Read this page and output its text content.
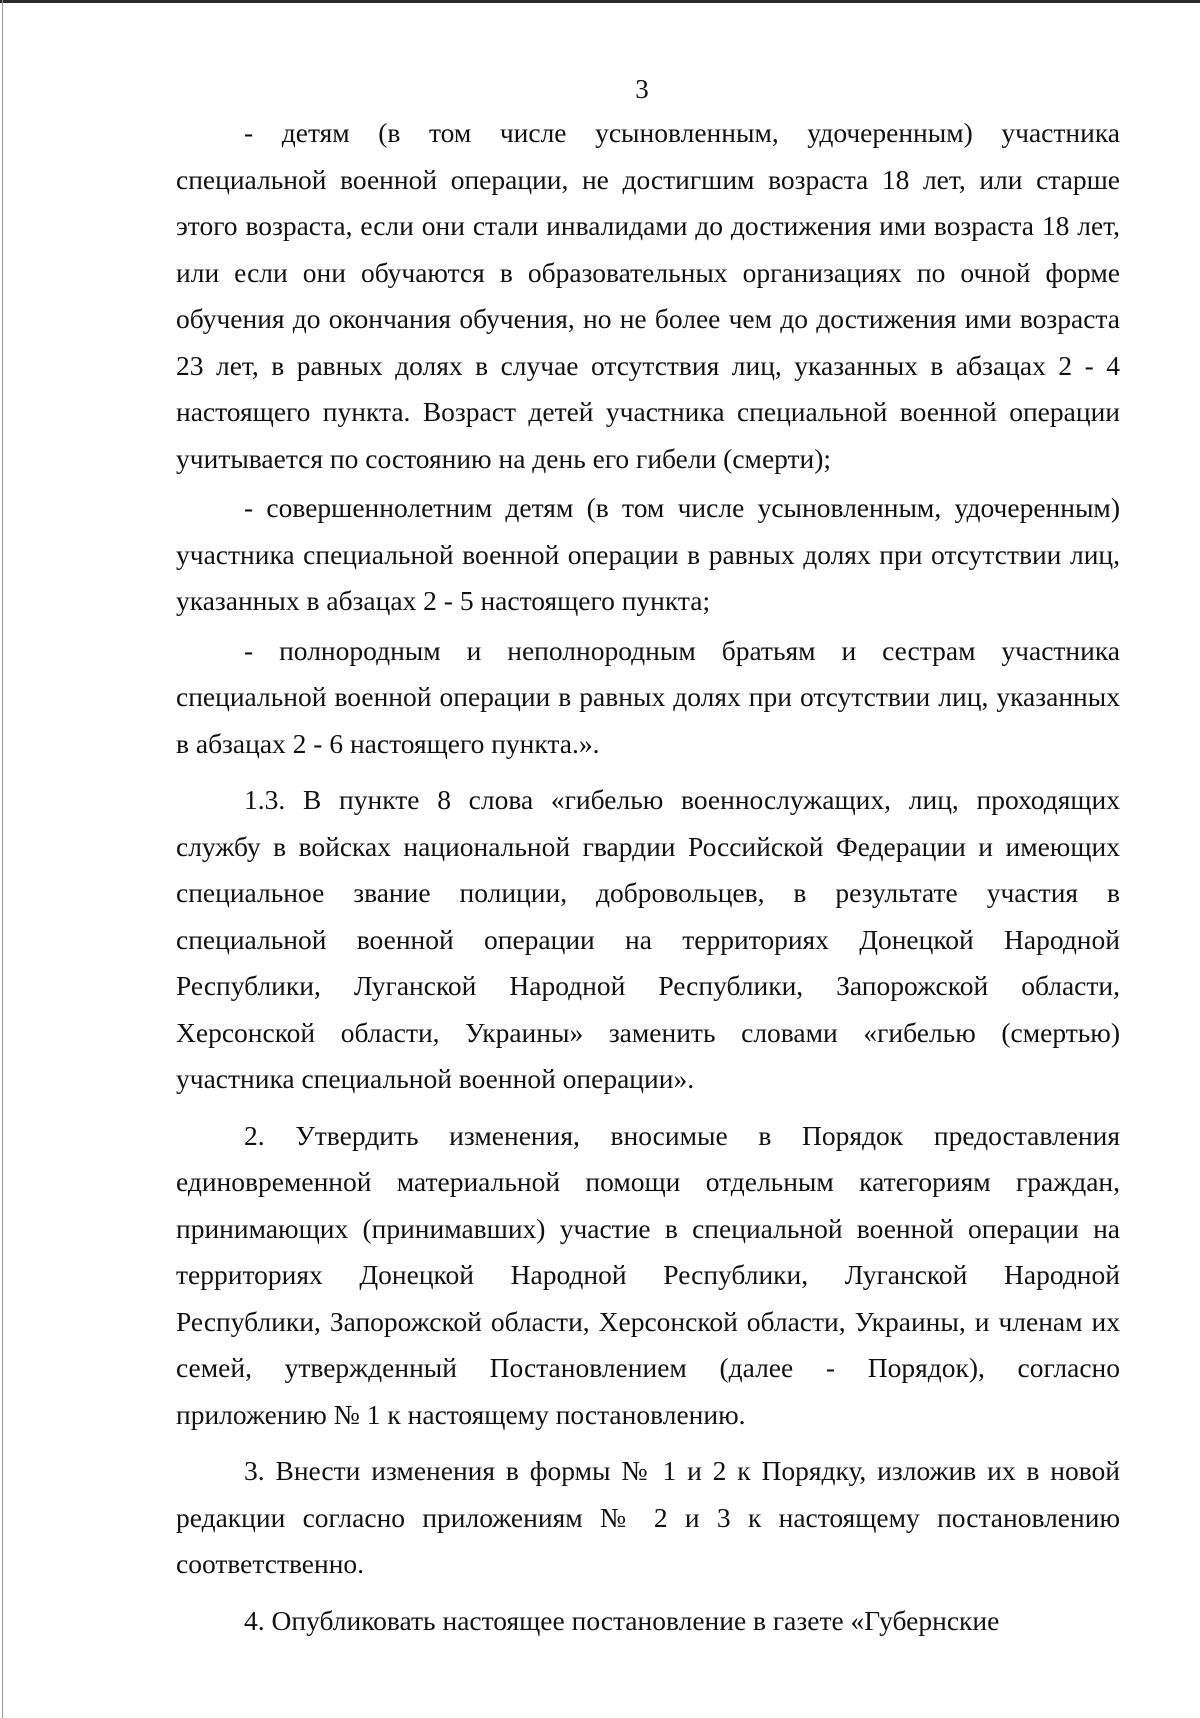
3

- детям (в том числе усыновленным, удочеренным) участника специальной военной операции, не достигшим возраста 18 лет, или старше этого возраста, если они стали инвалидами до достижения ими возраста 18 лет, или если они обучаются в образовательных организациях по очной форме обучения до окончания обучения, но не более чем до достижения ими возраста 23 лет, в равных долях в случае отсутствия лиц, указанных в абзацах 2 - 4 настоящего пункта. Возраст детей участника специальной военной операции учитывается по состоянию на день его гибели (смерти);

- совершеннолетним детям (в том числе усыновленным, удочеренным) участника специальной военной операции в равных долях при отсутствии лиц, указанных в абзацах 2 - 5 настоящего пункта;

- полнородным и неполнородным братьям и сестрам участника специальной военной операции в равных долях при отсутствии лиц, указанных в абзацах 2 - 6 настоящего пункта.».

1.3. В пункте 8 слова «гибелью военнослужащих, лиц, проходящих службу в войсках национальной гвардии Российской Федерации и имеющих специальное звание полиции, добровольцев, в результате участия в специальной военной операции на территориях Донецкой Народной Республики, Луганской Народной Республики, Запорожской области, Херсонской области, Украины» заменить словами «гибелью (смертью) участника специальной военной операции».

2. Утвердить изменения, вносимые в Порядок предоставления единовременной материальной помощи отдельным категориям граждан, принимающих (принимавших) участие в специальной военной операции на территориях Донецкой Народной Республики, Луганской Народной Республики, Запорожской области, Херсонской области, Украины, и членам их семей, утвержденный Постановлением (далее - Порядок), согласно приложению № 1 к настоящему постановлению.

3. Внести изменения в формы № 1 и 2 к Порядку, изложив их в новой редакции согласно приложениям № 2 и 3 к настоящему постановлению соответственно.

4. Опубликовать настоящее постановление в газете «Губернские
